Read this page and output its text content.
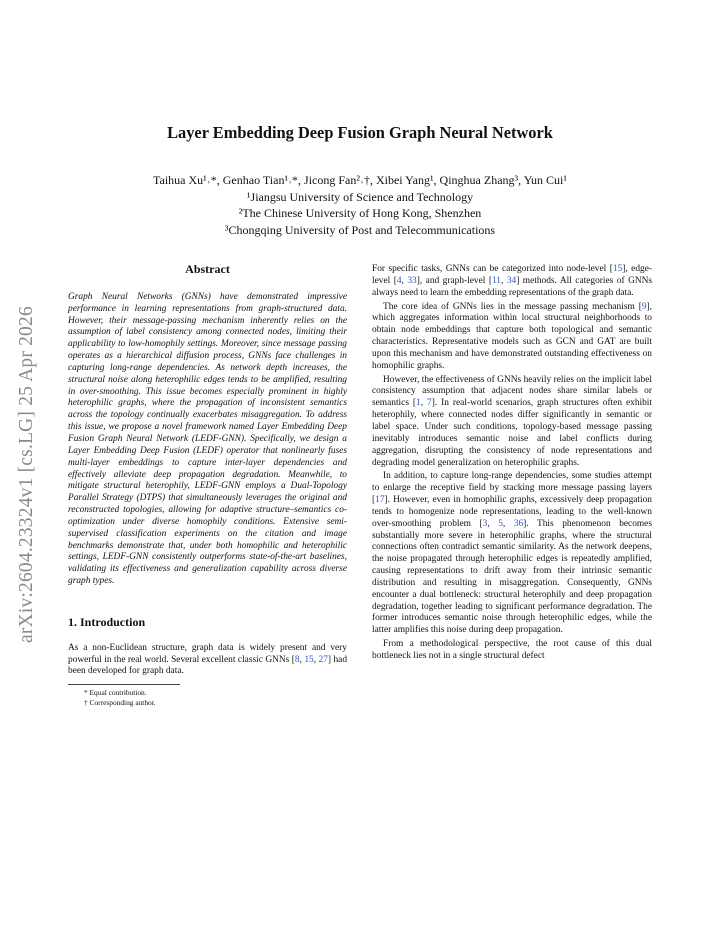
arXiv:2604.23324v1 [cs.LG] 25 Apr 2026
Layer Embedding Deep Fusion Graph Neural Network
Taihua Xu¹˒*, Genhao Tian¹˒*, Jicong Fan²˒†, Xibei Yang¹, Qinghua Zhang³, Yun Cui¹
¹Jiangsu University of Science and Technology
²The Chinese University of Hong Kong, Shenzhen
³Chongqing University of Post and Telecommunications
Abstract

Graph Neural Networks (GNNs) have demonstrated impressive performance in learning representations from graph-structured data. However, their message-passing mechanism inherently relies on the assumption of label consistency among connected nodes, limiting their applicability to low-homophily settings. Moreover, since message passing operates as a hierarchical diffusion process, GNNs face challenges in capturing long-range dependencies. As network depth increases, the structural noise along heterophilic edges tends to be amplified, resulting in over-smoothing. This issue becomes especially prominent in highly heterophilic graphs, where the propagation of inconsistent semantics across the topology continually exacerbates misaggregation. To address this issue, we propose a novel framework named Layer Embedding Deep Fusion Graph Neural Network (LEDF-GNN). Specifically, we design a Layer Embedding Deep Fusion (LEDF) operator that nonlinearly fuses multi-layer embeddings to capture inter-layer dependencies and effectively alleviate deep propagation degradation. Meanwhile, to mitigate structural heterophily, LEDF-GNN employs a Dual-Topology Parallel Strategy (DTPS) that simultaneously leverages the original and reconstructed topologies, allowing for adaptive structure–semantics co-optimization under diverse homophily conditions. Extensive semi-supervised classification experiments on the citation and image benchmarks demonstrate that, under both homophilic and heterophilic settings, LEDF-GNN consistently outperforms state-of-the-art baselines, validating its effectiveness and generalization capability across diverse graph types.

1. Introduction

As a non-Euclidean structure, graph data is widely present and very powerful in the real world. Several excellent classic GNNs [8, 15, 27] had been developed for graph data.

* Equal contribution.
† Corresponding author.

For specific tasks, GNNs can be categorized into node-level [15], edge-level [4, 33], and graph-level [11, 34] methods. All categories of GNNs always need to learn the embedding representations of the graph data.

The core idea of GNNs lies in the message passing mechanism [9], which aggregates information within local structural neighborhoods to obtain node embeddings that capture both topological and semantic characteristics. Representative models such as GCN and GAT are built upon this mechanism and have demonstrated outstanding effectiveness on homophilic graphs.

However, the effectiveness of GNNs heavily relies on the implicit label consistency assumption that adjacent nodes share similar labels or semantics [1, 7]. In real-world scenarios, graph structures often exhibit heterophily, where connected nodes differ significantly in semantic or label space. Under such conditions, topology-based message passing inevitably introduces semantic noise and label conflicts during aggregation, disrupting the consistency of node representations and degrading model generalization on heterophilic graphs.

In addition, to capture long-range dependencies, some studies attempt to enlarge the receptive field by stacking more message passing layers [17]. However, even in homophilic graphs, excessively deep propagation tends to homogenize node representations, leading to the well-known over-smoothing problem [3, 5, 36]. This phenomenon becomes substantially more severe in heterophilic graphs, where the structural connections often contradict semantic similarity. As the network deepens, the noise propagated through heterophilic edges is repeatedly amplified, causing representations to drift away from their intrinsic semantic distribution and resulting in misaggregation. Consequently, GNNs encounter a dual bottleneck: structural heterophily and deep propagation degradation, together leading to significant performance degradation. The former introduces semantic noise through heterophilic edges, while the latter amplifies this noise during deep propagation.

From a methodological perspective, the root cause of this dual bottleneck lies not in a single structural defect
